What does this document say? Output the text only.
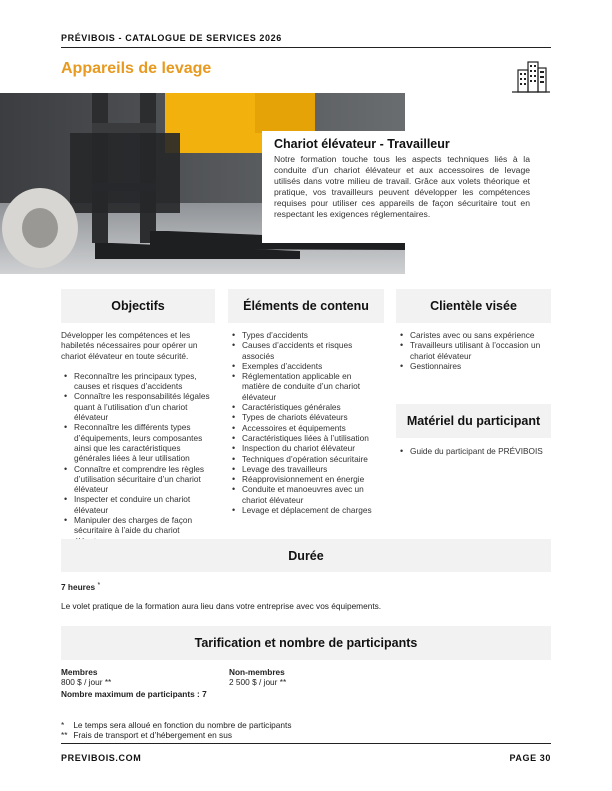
PRÉVIBOIS - CATALOGUE DE SERVICES 2026
Appareils de levage
Chariot élévateur - Travailleur
Notre formation touche tous les aspects techniques liés à la conduite d’un chariot élévateur et aux accessoires de levage utilisés dans votre milieu de travail. Grâce aux volets théorique et pratique, vos travailleurs peuvent développer les compétences requises pour utiliser ces appareils de façon sécuritaire tout en respectant les exigences réglementaires.
Objectifs	Éléments de contenu	Clientèle visée
Développer les compétences et les habiletés nécessaires pour opérer un chariot élévateur en toute sécurité.
• Reconnaître les principaux types, causes et risques d’accidents
• Connaître les responsabilités légales quant à l’utilisation d’un chariot élévateur
• Reconnaître les différents types d’équipements, leurs composantes ainsi que les caractéristiques générales liées à leur utilisation
• Connaître et comprendre les règles d’utilisation sécuritaire d’un chariot élévateur
• Inspecter et conduire un chariot élévateur
• Manipuler des charges de façon sécuritaire à l’aide du chariot
• Types d’accidents
• Causes d’accidents et risques associés
• Exemples d’accidents
• Réglementation applicable en matière de conduite d’un chariot élévateur
• Caractéristiques générales
• Types de chariots élévateurs
• Accessoires et équipements
• Caractéristiques liées à l’utilisation
• Inspection du chariot élévateur
• Techniques d’opération sécuritaire
• Levage des travailleurs
• Réapprovisionnement en énergie
• Conduite et manoeuvres avec un chariot élévateur
• Levage et déplacement de charges
• Caristes avec ou sans expérience
• Travailleurs utilisant à l’occasion un chariot élévateur
• Gestionnaires
Matériel du participant
• Guide du participant de PRÉVIBOIS
Durée
7 heures *
Le volet pratique de la formation aura lieu dans votre entreprise avec vos équipements.
Tarification et nombre de participants
Membres
800 $ / jour **
Non-membres
2 500 $ / jour **
Nombre maximum de participants : 7
* Le temps sera alloué en fonction du nombre de participants
** Frais de transport et d’hébergement en sus
PREVIBOIS.COM	PAGE 30
